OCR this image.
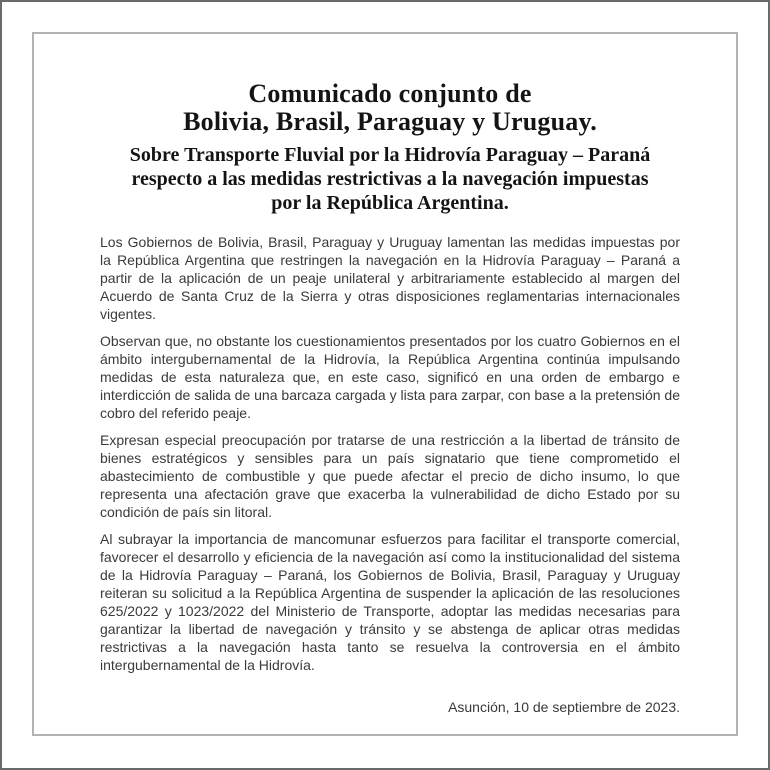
Comunicado conjunto de
Bolivia, Brasil, Paraguay y Uruguay.
Sobre Transporte Fluvial por la Hidrovía Paraguay – Paraná
respecto a las medidas restrictivas a la navegación impuestas
por la República Argentina.

Los Gobiernos de Bolivia, Brasil, Paraguay y Uruguay lamentan las medidas impuestas por la República Argentina que restringen la navegación en la Hidrovía Paraguay – Paraná a partir de la aplicación de un peaje unilateral y arbitrariamente establecido al margen del Acuerdo de Santa Cruz de la Sierra y otras disposiciones reglamentarias internacionales vigentes.

Observan que, no obstante los cuestionamientos presentados por los cuatro Gobiernos en el ámbito intergubernamental de la Hidrovía, la República Argentina continúa impulsando medidas de esta naturaleza que, en este caso, significó en una orden de embargo e interdicción de salida de una barcaza cargada y lista para zarpar, con base a la pretensión de cobro del referido peaje.

Expresan especial preocupación por tratarse de una restricción a la libertad de tránsito de bienes estratégicos y sensibles para un país signatario que tiene comprometido el abastecimiento de combustible y que puede afectar el precio de dicho insumo, lo que representa una afectación grave que exacerba la vulnerabilidad de dicho Estado por su condición de país sin litoral.

Al subrayar la importancia de mancomunar esfuerzos para facilitar el transporte comercial, favorecer el desarrollo y eficiencia de la navegación así como la institucionalidad del sistema de la Hidrovía Paraguay – Paraná, los Gobiernos de Bolivia, Brasil, Paraguay y Uruguay reiteran su solicitud a la República Argentina de suspender la aplicación de las resoluciones 625/2022 y 1023/2022 del Ministerio de Transporte, adoptar las medidas necesarias para garantizar la libertad de navegación y tránsito y se abstenga de aplicar otras medidas restrictivas a la navegación hasta tanto se resuelva la controversia en el ámbito intergubernamental de la Hidrovía.

Asunción, 10 de septiembre de 2023.
